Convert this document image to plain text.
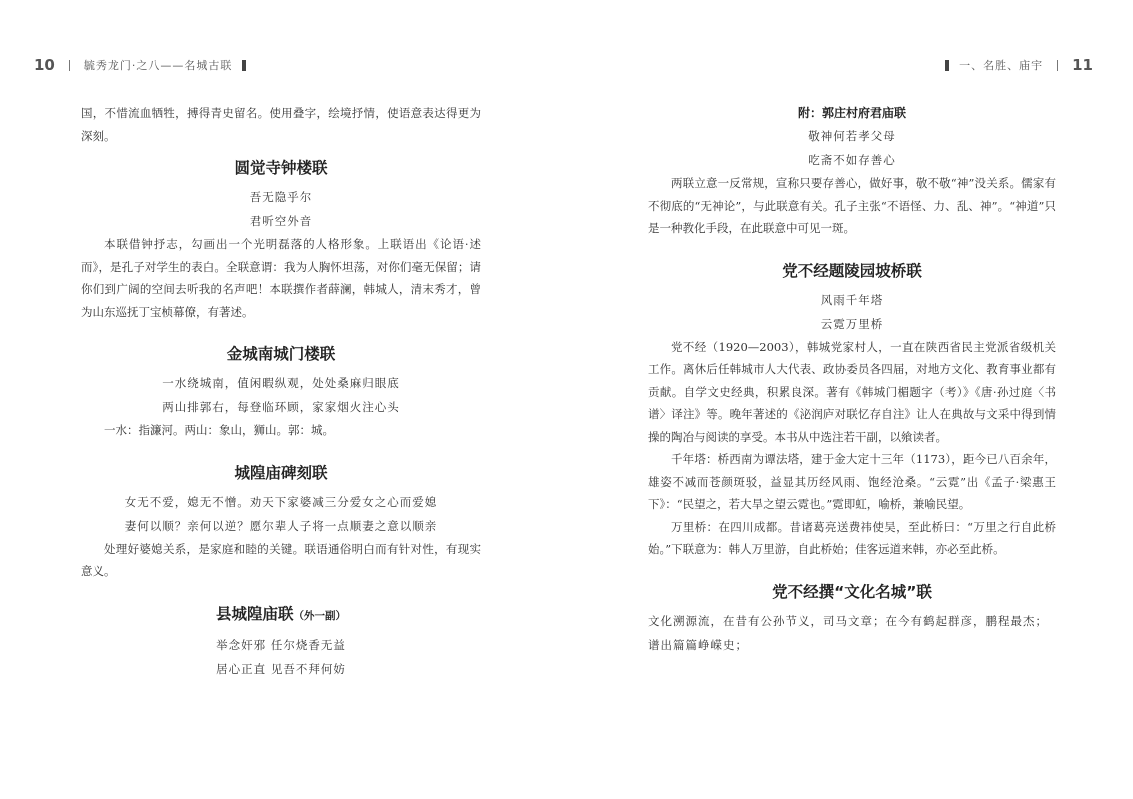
10	毓秀龙门·之八——名城古联

国，不惜流血牺牲，搏得青史留名。使用叠字，绘境抒情，使语意表达得更为深刻。

圆觉寺钟楼联

吾无隐乎尔

君听空外音

本联借钟抒志，勾画出一个光明磊落的人格形象。上联语出《论语·述而》，是孔子对学生的表白。全联意谓：我为人胸怀坦荡，对你们毫无保留；请你们到广阔的空间去听我的名声吧！本联撰作者薛澜，韩城人，清末秀才，曾为山东巡抚丁宝桢幕僚，有著述。

金城南城门楼联

一水绕城南，值闲暇纵观，处处桑麻归眼底

两山排郭右，每登临环顾，家家烟火注心头

一水：指濂河。两山：象山，狮山。郭：城。

城隍庙碑刻联

女无不爱，媳无不憎。劝天下家婆减三分爱女之心而爱媳

妻何以顺？亲何以逆？愿尔辈人子将一点顺妻之意以顺亲

处理好婆媳关系，是家庭和睦的关键。联语通俗明白而有针对性，有现实意义。

县城隍庙联（外一副）

举念奸邪 任尔烧香无益

居心正直 见吾不拜何妨

一、名胜、庙宇 11
附：郭庄村府君庙联

敬神何若孝父母

吃斋不如存善心

两联立意一反常规，宣称只要存善心，做好事，敬不敬“神”没关系。儒家有不彻底的“无神论”，与此联意有关。孔子主张“不语怪、力、乱、神”。“神道”只是一种教化手段，在此联意中可见一斑。

党不经题陵园坡桥联

风雨千年塔

云霓万里桥

党不经（1920—2003），韩城党家村人，一直在陕西省民主党派省级机关工作。离休后任韩城市人大代表、政协委员各四届，对地方文化、教育事业都有贡献。自学文史经典，积累良深。著有《韩城门楣题字（考）》《唐·孙过庭〈书谱〉译注》等。晚年著述的《泌润庐对联忆存自注》让人在典故与文采中得到情操的陶冶与阅读的享受。本书从中选注若干副，以飨读者。

千年塔：桥西南为谭法塔，建于金大定十三年（1173），距今已八百余年，雄姿不减而苍颜斑驳，益显其历经风雨、饱经沧桑。“云霓”出《孟子·梁惠王下》：“民望之，若大旱之望云霓也。”霓即虹，喻桥，兼喻民望。

万里桥：在四川成都。昔诸葛亮送费祎使吴，至此桥曰：“万里之行自此桥始。”下联意为：韩人万里游，自此桥始；佳客远道来韩，亦必至此桥。

党不经撰“文化名城”联

文化溯源流，在昔有公孙节义，司马文章；在今有鹤起群彦，鹏程最杰；谱出篇篇峥嵘史；
